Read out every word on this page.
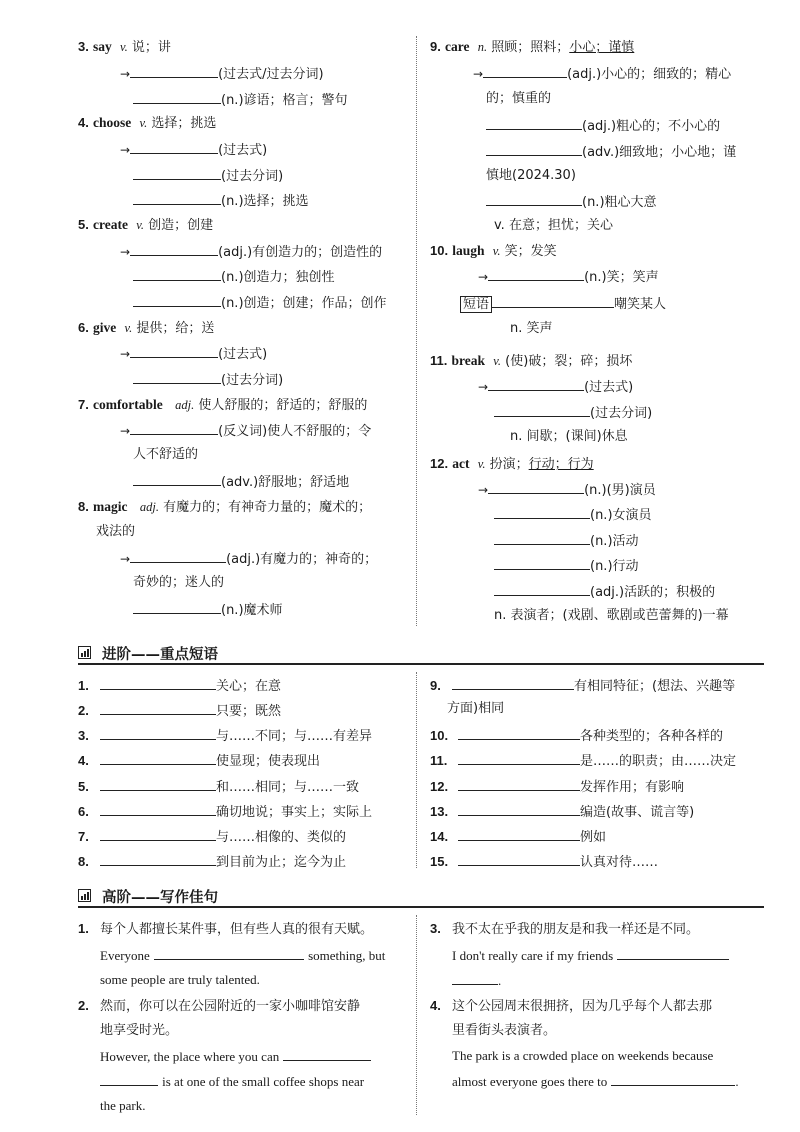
3. say v. 说；讲
→	(过去式/过去分词)
(n.)谚语；格言；警句
4. choose v. 选择；挑选
→	(过去式)
(过去分词)
(n.)选择；挑选
5. create v. 创造；创建
→	(adj.)有创造力的；创造性的
(n.)创造力；独创性
(n.)创造；创建；作品；创作
6. give v. 提供；给；送
→	(过去式)
(过去分词)
7. comfortable adj. 使人舒服的；舒适的；舒服的
→	(反义词)使人不舒服的；令
人不舒适的
(adv.)舒服地；舒适地
8. magic adj. 有魔力的；有神奇力量的；魔术的；
戏法的
→	(adj.)有魔力的；神奇的；
奇妙的；迷人的
(n.)魔术师
9. care n. 照顾；照料；小心；谨慎
→	(adj.)小心的；细致的；精心
的；慎重的
(adj.)粗心的；不小心的
(adv.)细致地；小心地；谨
慎地(2024.30)
(n.)粗心大意
v. 在意；担忧；关心
10. laugh v. 笑；发笑
→	(n.)笑；笑声
短语	嘲笑某人
n. 笑声
11. break v. (使)破；裂；碎；损坏
→	(过去式)
(过去分词)
n. 间歇；(课间)休息
12. act v. 扮演；行动；行为
→	(n.)(男)演员
(n.)女演员
(n.)活动
(n.)行动
(adj.)活跃的；积极的
n. 表演者；(戏剧、歌剧或芭蕾舞的)一幕
进阶——重点短语
1.	关心；在意
2.	只要；既然
3.	与……不同；与……有差异
4.	使显现；使表现出
5.	和……相同；与……一致
6.	确切地说；事实上；实际上
7.	与……相像的、类似的
8.	到目前为止；迄今为止
9.	有相同特征；(想法、兴趣等
方面)相同
10.	各种类型的；各种各样的
11.	是……的职责；由……决定
12.	发挥作用；有影响
13.	编造(故事、谎言等)
14.	例如
15.	认真对待……
高阶——写作佳句
1. 每个人都擅长某件事，但有些人真的很有天赋。
Everyone	something, but
some people are truly talented.
2. 然而，你可以在公园附近的一家小咖啡馆安静
地享受时光。
However, the place where you can
is at one of the small coffee shops near
the park.
3. 我不太在乎我的朋友是和我一样还是不同。
I don't really care if my friends
.
4. 这个公园周末很拥挤，因为几乎每个人都去那
里看街头表演者。
The park is a crowded place on weekends because
almost everyone goes there to	.
